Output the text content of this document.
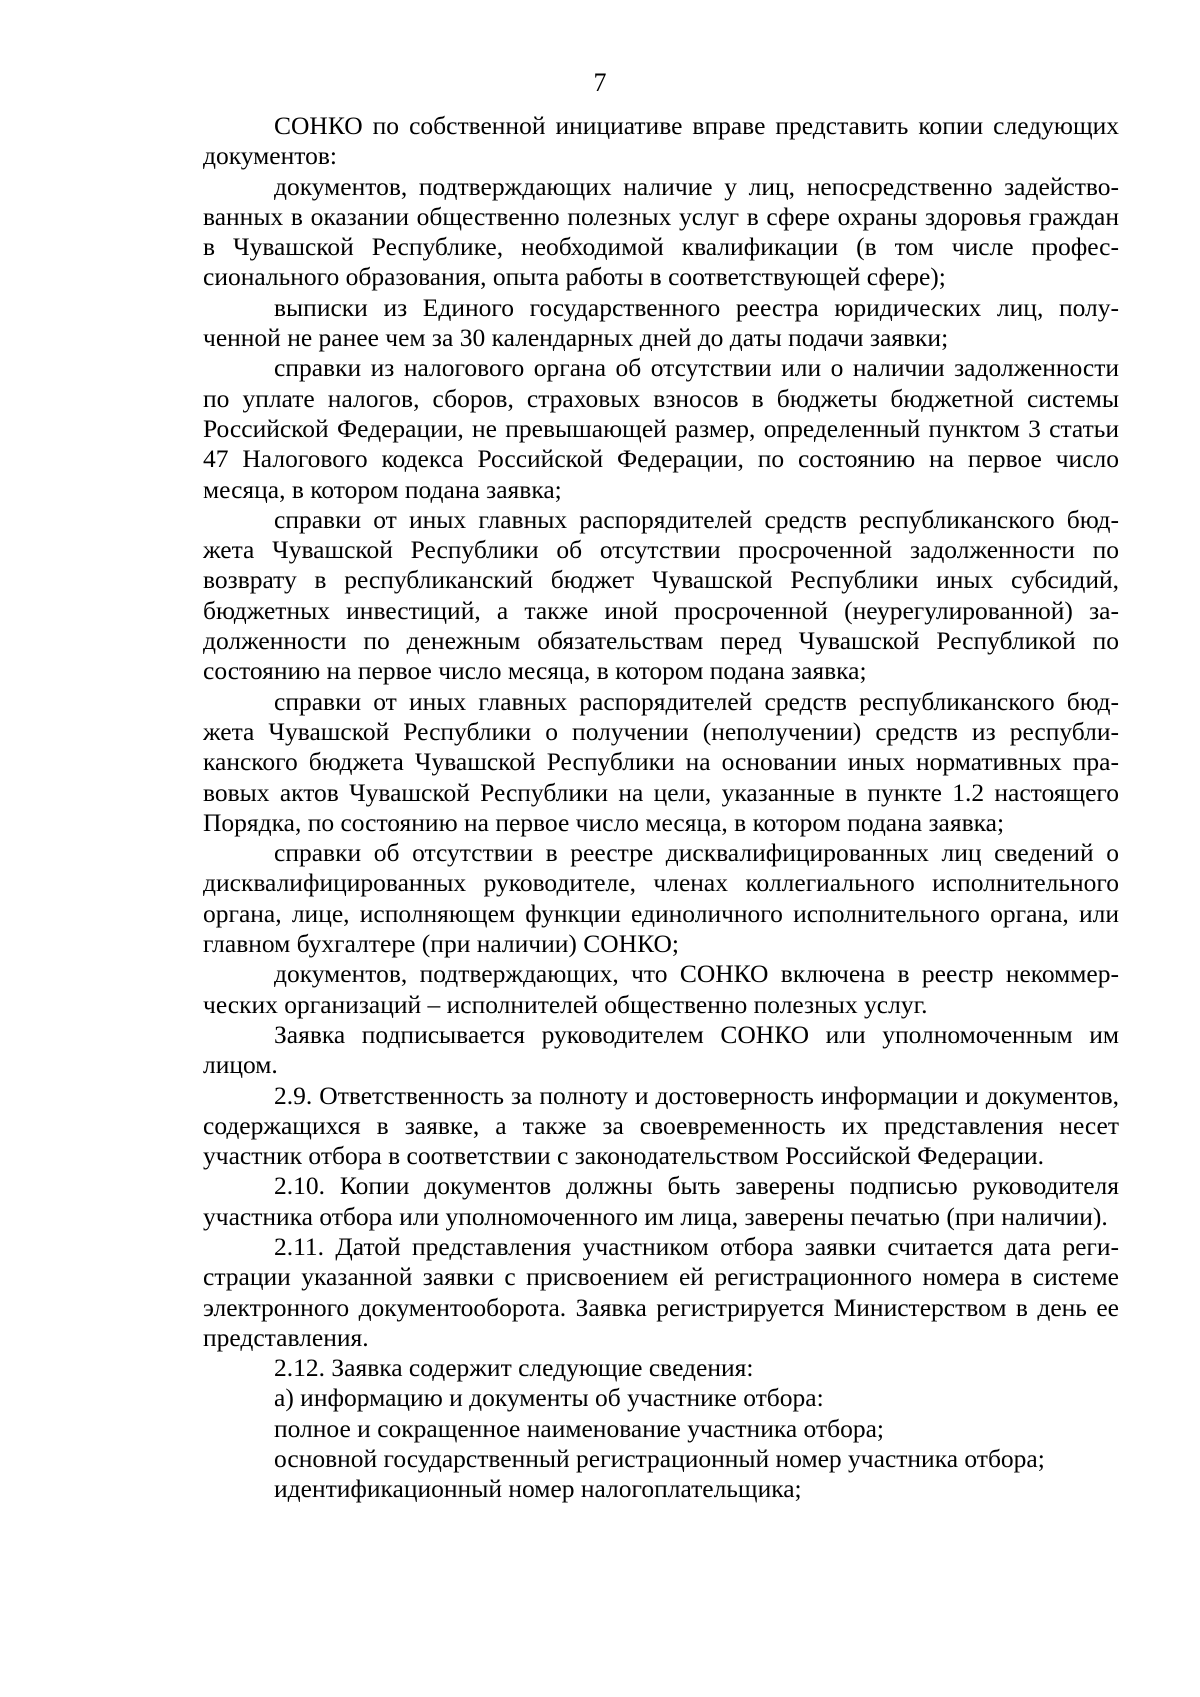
7

СОНКО по собственной инициативе вправе представить копии следующих документов:

документов, подтверждающих наличие у лиц, непосредственно задействованных в оказании общественно полезных услуг в сфере охраны здоровья граждан в Чувашской Республике, необходимой квалификации (в том числе профессионального образования, опыта работы в соответствующей сфере);

выписки из Единого государственного реестра юридических лиц, полученной не ранее чем за 30 календарных дней до даты подачи заявки;

справки из налогового органа об отсутствии или о наличии задолженности по уплате налогов, сборов, страховых взносов в бюджеты бюджетной системы Российской Федерации, не превышающей размер, определенный пунктом 3 статьи 47 Налогового кодекса Российской Федерации, по состоянию на первое число месяца, в котором подана заявка;

справки от иных главных распорядителей средств республиканского бюджета Чувашской Республики об отсутствии просроченной задолженности по возврату в республиканский бюджет Чувашской Республики иных субсидий, бюджетных инвестиций, а также иной просроченной (неурегулированной) задолженности по денежным обязательствам перед Чувашской Республикой по состоянию на первое число месяца, в котором подана заявка;

справки от иных главных распорядителей средств республиканского бюджета Чувашской Республики о получении (неполучении) средств из республиканского бюджета Чувашской Республики на основании иных нормативных правовых актов Чувашской Республики на цели, указанные в пункте 1.2 настоящего Порядка, по состоянию на первое число месяца, в котором подана заявка;

справки об отсутствии в реестре дисквалифицированных лиц сведений о дисквалифицированных руководителе, членах коллегиального исполнительного органа, лице, исполняющем функции единоличного исполнительного органа, или главном бухгалтере (при наличии) СОНКО;

документов, подтверждающих, что СОНКО включена в реестр некоммерческих организаций – исполнителей общественно полезных услуг.

Заявка подписывается руководителем СОНКО или уполномоченным им лицом.

2.9. Ответственность за полноту и достоверность информации и документов, содержащихся в заявке, а также за своевременность их представления несет участник отбора в соответствии с законодательством Российской Федерации.

2.10. Копии документов должны быть заверены подписью руководителя участника отбора или уполномоченного им лица, заверены печатью (при наличии).

2.11. Датой представления участником отбора заявки считается дата регистрации указанной заявки с присвоением ей регистрационного номера в системе электронного документооборота. Заявка регистрируется Министерством в день ее представления.

2.12. Заявка содержит следующие сведения:

а) информацию и документы об участнике отбора:

полное и сокращенное наименование участника отбора;

основной государственный регистрационный номер участника отбора;

идентификационный номер налогоплательщика;
